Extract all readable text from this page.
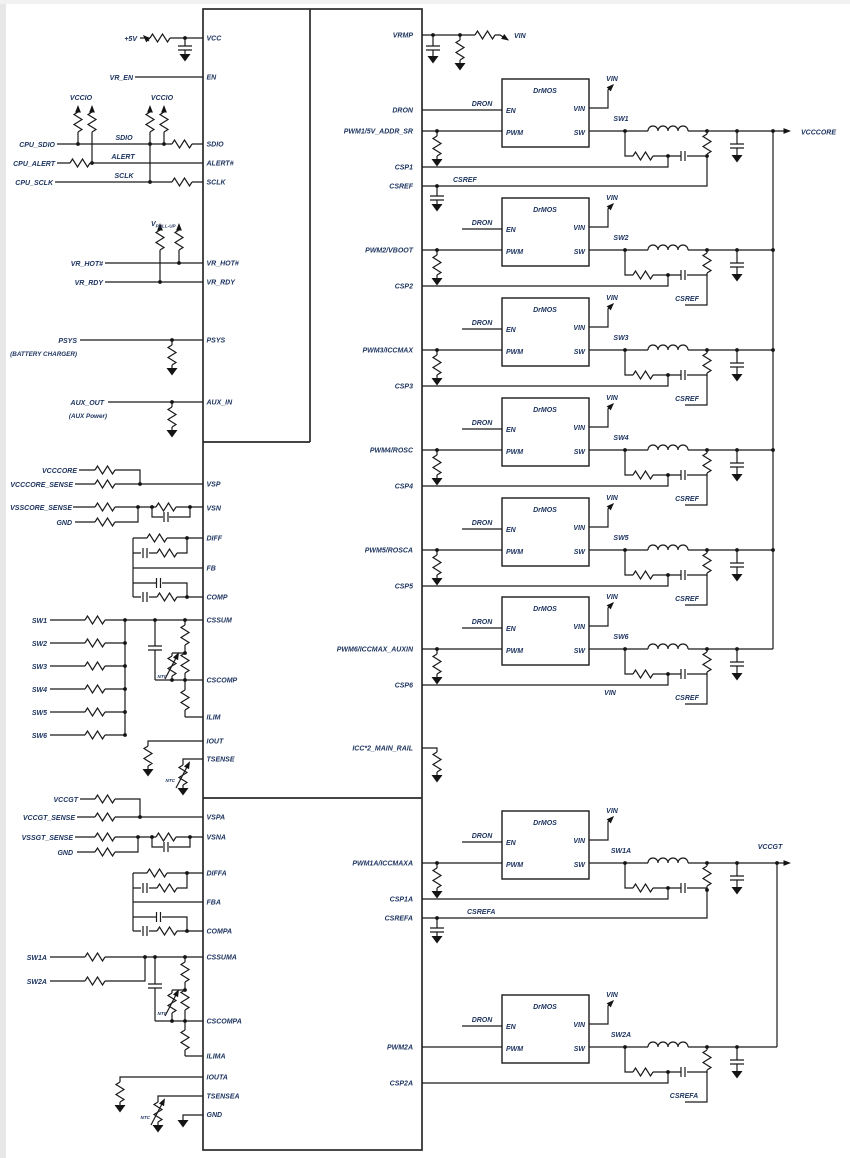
NTC
NTC
NTC
NTC
VIN
CSREF
CSREFA
DRON
DrMOS
EN
PWM
VIN
SW
VIN
SW1
VCCCORE
DRON
DrMOS
EN
PWM
VIN
SW
VIN
SW2
CSREF
DRON
DrMOS
EN
PWM
VIN
SW
VIN
SW3
CSREF
DRON
DrMOS
EN
PWM
VIN
SW
VIN
SW4
CSREF
DRON
DrMOS
EN
PWM
VIN
SW
VIN
SW5
CSREF
DRON
DrMOS
EN
PWM
VIN
SW
VIN
SW6
CSREF
VIN
DRON
DrMOS
EN
PWM
VIN
SW
VIN
SW1A
VCCGT
DRON
DrMOS
EN
PWM
VIN
SW
VIN
SW2A
CSREFA
VCC
EN
SDIO
ALERT#
SCLK
VR_HOT#
VR_RDY
PSYS
AUX_IN
VSP
VSN
DIFF
FB
COMP
CSSUM
CSCOMP
ILIM
IOUT
TSENSE
VSPA
VSNA
DIFFA
FBA
COMPA
CSSUMA
CSCOMPA
ILIMA
IOUTA
TSENSEA
GND
VRMP
DRON
PWM1/5V_ADDR_SR
CSP1
CSREF
PWM2/VBOOT
CSP2
PWM3/ICCMAX
CSP3
PWM4/ROSC
CSP4
PWM5/ROSCA
CSP5
PWM6/ICCMAX_AUXIN
CSP6
ICC*2_MAIN_RAIL
PWM1A/ICCMAXA
CSP1A
CSREFA
PWM2A
CSP2A
+5V
VR_EN
VCCIO	VCCIO
CPU_SDIO
SDIO
CPU_ALERT
ALERT
CPU_SCLK
SCLK
$V_{PULL-UP}$
VR_HOT#
VR_RDY
PSYS
(BATTERY CHARGER)
AUX_OUT
(AUX Power)
VCCCORE
VCCCORE_SENSE
VSSCORE_SENSE
GND
SW1
SW2
SW3
SW4
SW5
SW6
VCCGT
VCCGT_SENSE
VSSGT_SENSE
GND
SW1A
SW2A
